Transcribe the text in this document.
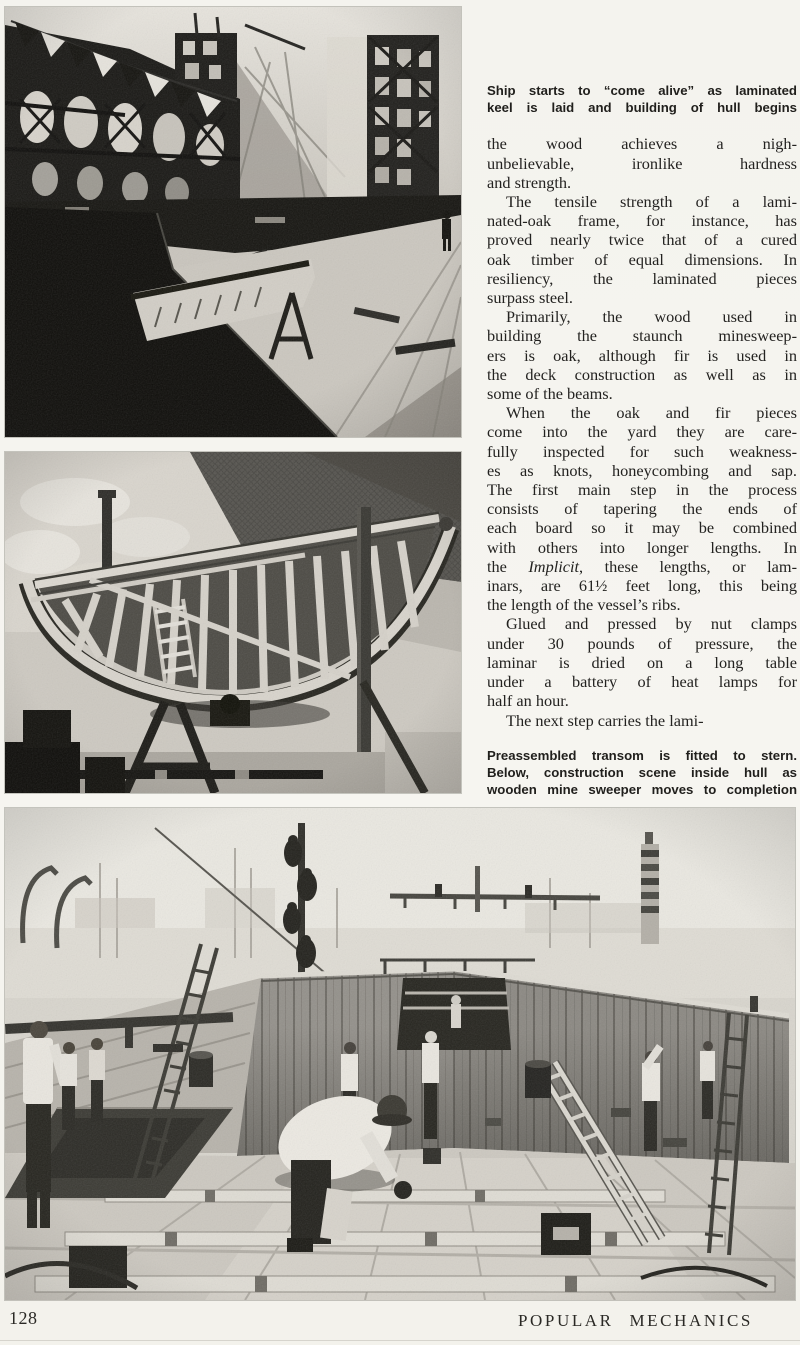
Ship starts to “come alive” as laminated
keel is laid and building of hull begins
the wood achieves a nigh-
unbelievable, ironlike hardness
and strength.
The tensile strength of a lami-
nated-oak frame, for instance, has
proved nearly twice that of a cured
oak timber of equal dimensions. In
resiliency, the laminated pieces
surpass steel.
Primarily, the wood used in
building the staunch minesweep-
ers is oak, although fir is used in
the deck construction as well as in
some of the beams.
When the oak and fir pieces
come into the yard they are care-
fully inspected for such weakness-
es as knots, honeycombing and sap.
The first main step in the process
consists of tapering the ends of
each board so it may be combined
with others into longer lengths. In
the Implicit, these lengths, or lam-
inars, are 61½ feet long, this being
the length of the vessel’s ribs.
Glued and pressed by nut clamps
under 30 pounds of pressure, the
laminar is dried on a long table
under a battery of heat lamps for
half an hour.
The next step carries the lami-
Preassembled transom is fitted to stern.
Below, construction scene inside hull as
wooden mine sweeper moves to completion
128	POPULAR MECHANICS
